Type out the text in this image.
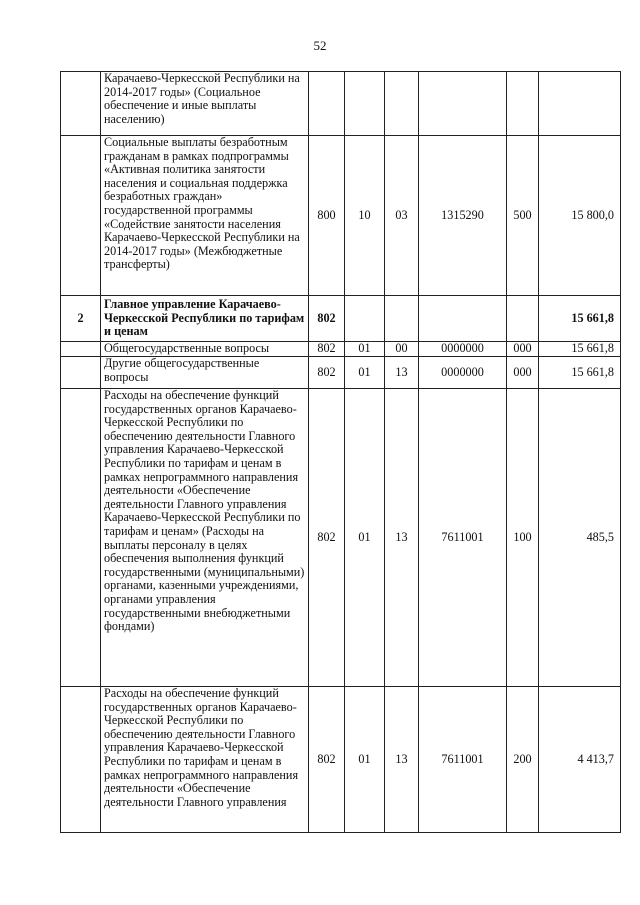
52
	Карачаево-Черкесской Республики на 2014-2017 годы» (Социальное обеспечение и иные выплаты населению)						
	Социальные выплаты безработным гражданам в рамках подпрограммы «Активная политика занятости населения и социальная поддержка безработных граждан» государственной программы «Содействие занятости населения Карачаево-Черкесской Республики на 2014-2017 годы» (Межбюджетные трансферты)	800	10	03	1315290	500	15 800,0
2	Главное управление Карачаево-Черкесской Республики по тарифам и ценам	802					15 661,8
	Общегосударственные вопросы	802	01	00	0000000	000	15 661,8
	Другие общегосударственные вопросы	802	01	13	0000000	000	15 661,8
	Расходы на обеспечение функций государственных органов Карачаево-Черкесской Республики по обеспечению деятельности Главного управления Карачаево-Черкесской Республики по тарифам и ценам в рамках непрограммного направления деятельности «Обеспечение деятельности Главного управления Карачаево-Черкесской Республики по тарифам и ценам» (Расходы на выплаты персоналу в целях обеспечения выполнения функций государственными (муниципальными) органами, казенными учреждениями, органами управления государственными внебюджетными фондами)	802	01	13	7611001	100	485,5
	Расходы на обеспечение функций государственных органов Карачаево-Черкесской Республики по обеспечению деятельности Главного управления Карачаево-Черкесской Республики по тарифам и ценам в рамках непрограммного направления деятельности «Обеспечение деятельности Главного управления	802	01	13	7611001	200	4 413,7
